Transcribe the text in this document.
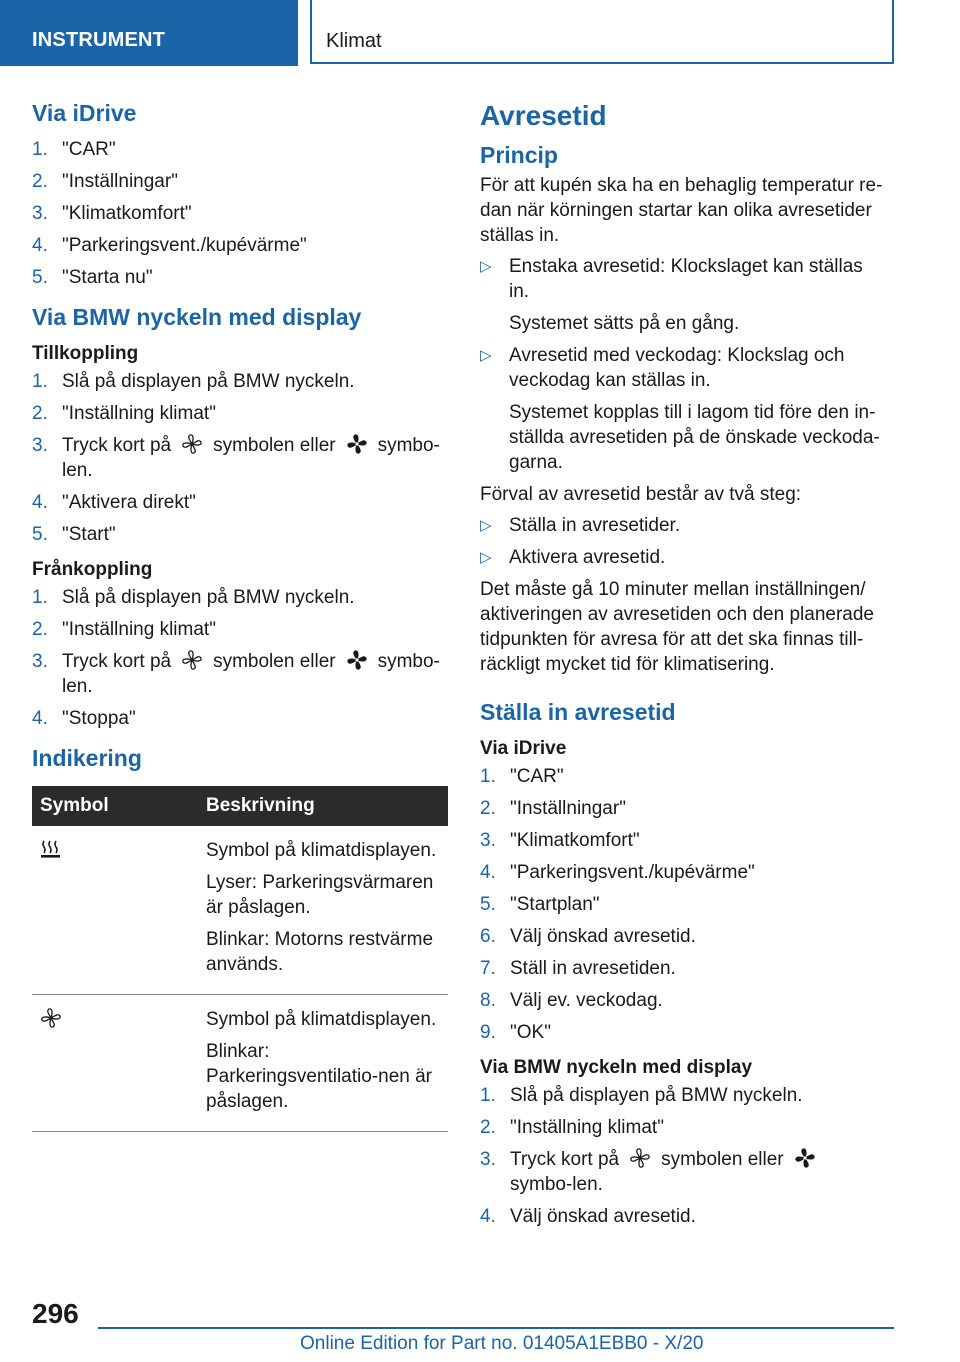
INSTRUMENT	Klimat
Via iDrive
1. "CAR"
2. "Inställningar"
3. "Klimatkomfort"
4. "Parkeringsvent./kupévärme"
5. "Starta nu"
Via BMW nyckeln med display
Tillkoppling
1. Slå på displayen på BMW nyckeln.
2. "Inställning klimat"
3. Tryck kort på symbolen eller symbo-len.
4. "Aktivera direkt"
5. "Start"
Frånkoppling
1. Slå på displayen på BMW nyckeln.
2. "Inställning klimat"
3. Tryck kort på symbolen eller symbo-len.
4. "Stoppa"
Indikering
Symbol	Beskrivning

Symbol på klimatdisplayen.
Lyser: Parkeringsvärmaren är påslagen.
Blinkar: Motorns restvärme används.

Symbol på klimatdisplayen.
Blinkar: Parkeringsventilatio-nen är påslagen.
Avresetid
Princip
För att kupén ska ha en behaglig temperatur re-dan när körningen startar kan olika avresetider ställas in.
▷ Enstaka avresetid: Klockslaget kan ställas in.
Systemet sätts på en gång.
▷ Avresetid med veckodag: Klockslag och veckodag kan ställas in.
Systemet kopplas till i lagom tid före den in-ställda avresetiden på de önskade veckoda-garna.
Förval av avresetid består av två steg:
▷ Ställa in avresetider.
▷ Aktivera avresetid.
Det måste gå 10 minuter mellan inställningen/ aktiveringen av avresetiden och den planerade tidpunkten för avresa för att det ska finnas till-räckligt mycket tid för klimatisering.
Ställa in avresetid
Via iDrive
1. "CAR"
2. "Inställningar"
3. "Klimatkomfort"
4. "Parkeringsvent./kupévärme"
5. "Startplan"
6. Välj önskad avresetid.
7. Ställ in avresetiden.
8. Välj ev. veckodag.
9. "OK"
Via BMW nyckeln med display
1. Slå på displayen på BMW nyckeln.
2. "Inställning klimat"
3. Tryck kort på symbolen ellersymbo-len.
4. Välj önskad avresetid.
296
Online Edition for Part no. 01405A1EBB0 - X/20
